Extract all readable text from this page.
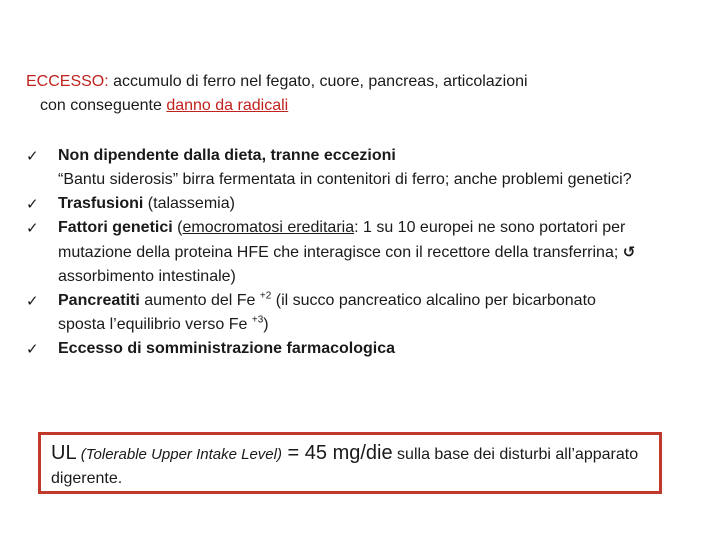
ECCESSO: accumulo di ferro nel fegato, cuore, pancreas, articolazioni
con conseguente danno da radicali
✓	Non dipendente dalla dieta, tranne eccezioni
“Bantu siderosis” birra fermentata in contenitori di ferro; anche problemi genetici?
✓	Trasfusioni (talassemia)
✓	Fattori genetici (emocromatosi ereditaria: 1 su 10 europei ne sono portatori per mutazione della proteina HFE che interagisce con il recettore della transferrina; ↺ assorbimento intestinale)
✓	Pancreatiti aumento del Fe $^{+2}$ (il succo pancreatico alcalino per bicarbonato sposta l’equilibrio verso Fe $^{+3}$)
✓	Eccesso di somministrazione farmacologica
UL (Tolerable Upper Intake Level) = 45 mg/die sulla base dei disturbi all’apparato digerente.
